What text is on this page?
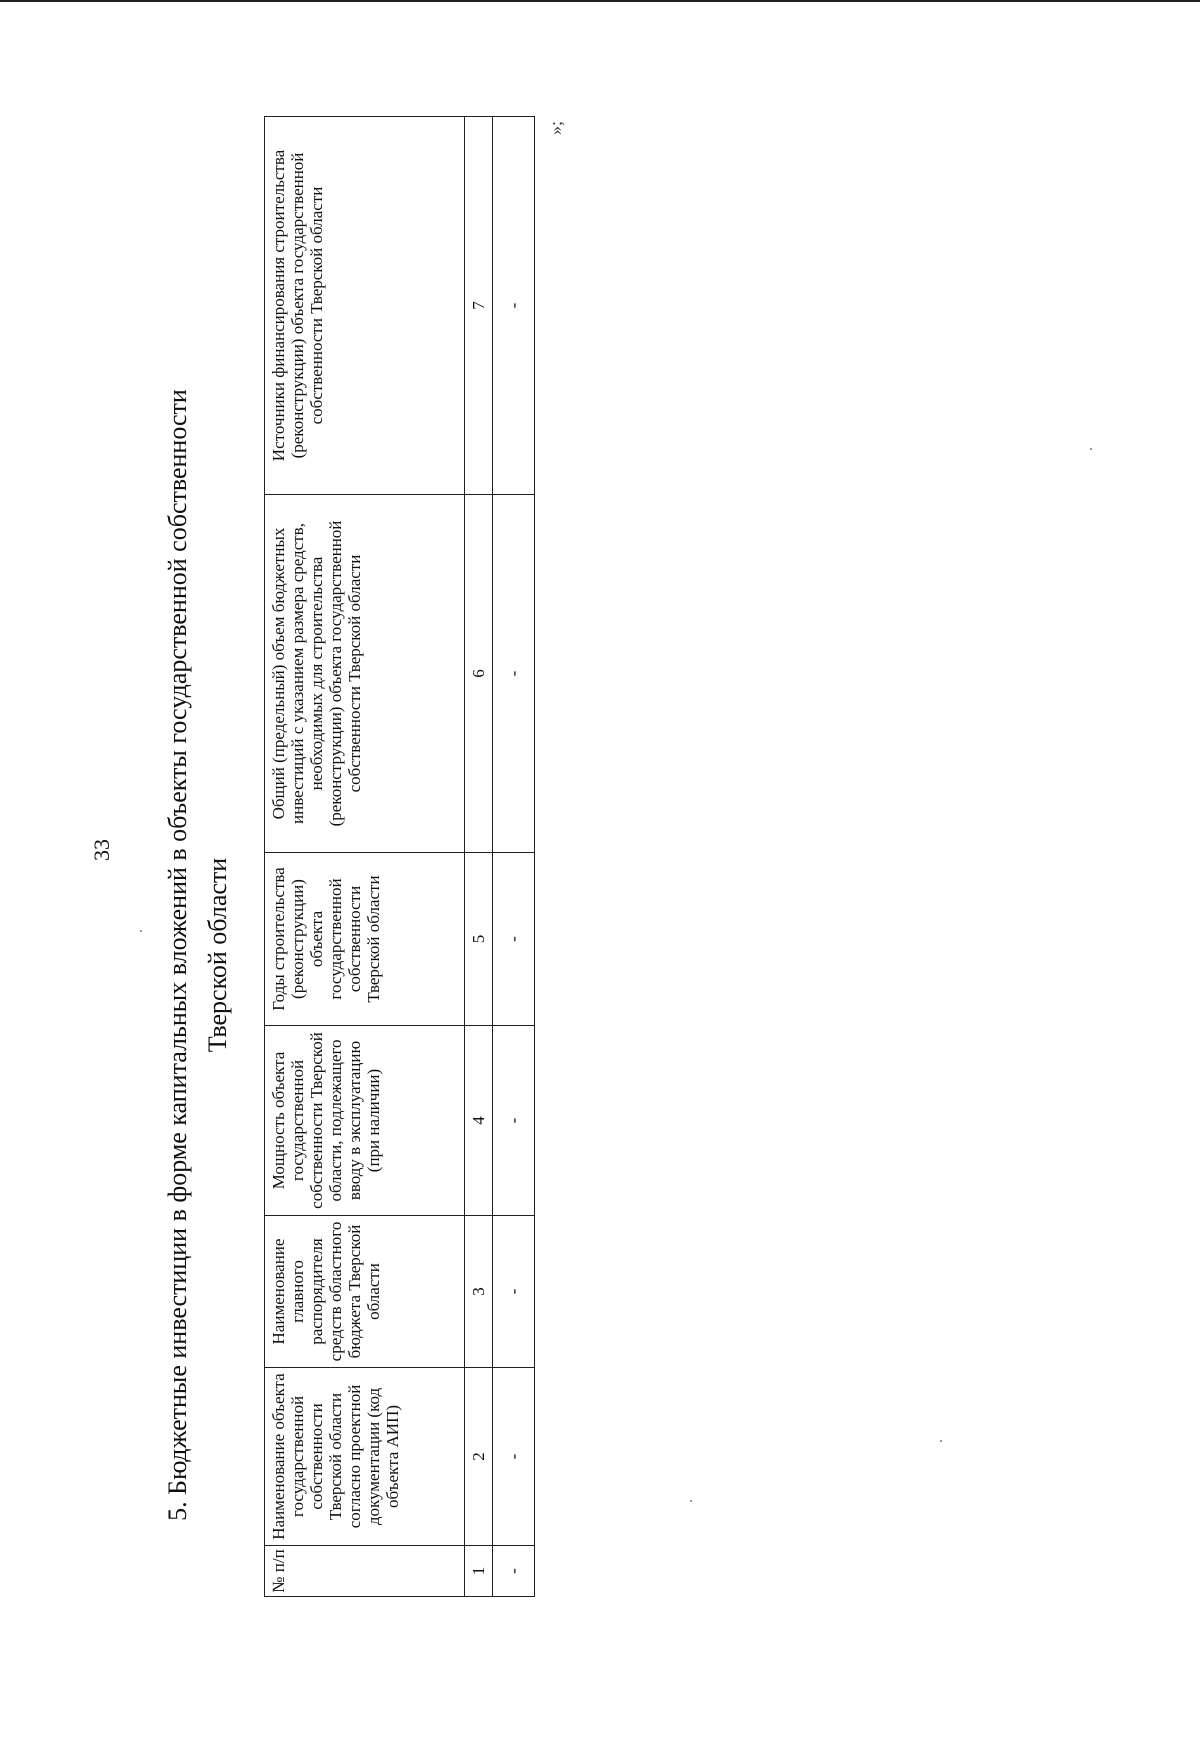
33 5. Бюджетные инвестиции в форме капитальных вложений в объекты государственной собственности Тверской области
№ п/п	Наименование объекта государственной собственности Тверской области согласно проектной документации (код объекта АИП)	Наименование главного распорядителя средств областного бюджета Тверской области	Мощность объекта государственной собственности Тверской области, подлежащего вводу в эксплуатацию (при наличии)	Годы строительства (реконструкции) объекта государственной собственности Тверской области	Общий (предельный) объем бюджетных инвестиций с указанием размера средств, необходимых для строительства (реконструкции) объекта государственной собственности Тверской области	Источники финансирования строительства (реконструкции) объекта государственной собственности Тверской области
1	2	3	4	5	6	7
-	-	-	-	-	-	-
»;
